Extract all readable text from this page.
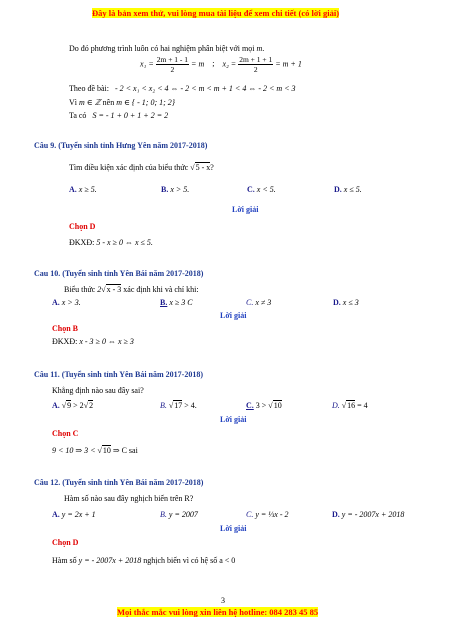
Đây là bản xem thử, vui lòng mua tài liệu để xem chi tiết (có lời giải)
Do đó phương trình luôn có hai nghiệm phân biệt với mọi m.
$x_1 = \frac{2m + 1 - 1}{2} = m$ ; $x_2 = \frac{2m + 1 + 1}{2} = m + 1$
Theo đề bài: - 2 < x₁ < x₂ < 4 ⇔ - 2 < m < m + 1 < 4 ⇔ - 2 < m < 3
Vì m ∈ ℤ nên m ∈ { - 1; 0; 1; 2}
Ta có S = - 1 + 0 + 1 + 2 = 2
Câu 9. (Tuyển sinh tỉnh Hưng Yên năm 2017-2018)
Tìm điều kiện xác định của biểu thức √5 - x?
A. x ≥ 5.	B. x > 5.	C. x < 5.	D. x ≤ 5.
Lời giải
Chọn D
ĐKXĐ: 5 - x ≥ 0 ⇔ x ≤ 5.
Cau 10. (Tuyển sinh tỉnh Yên Bái năm 2017-2018)
Biểu thức 2√x - 3 xác định khi và chỉ khi:
A. x > 3.	B. x ≥ 3 C	C. x ≠ 3	D. x ≤ 3
Lời giải
Chọn B
ĐKXĐ: x - 3 ≥ 0 ⇔ x ≥ 3
Câu 11. (Tuyển sinh tỉnh Yên Bái năm 2017-2018)
Khẳng định nào sau đây sai?
A. √9 > 2√2	B. √17 > 4.	C. 3 > √10	D. √16 = 4
Lời giải
Chọn C
9 < 10 ⇒ 3 < √10 ⇒ C sai
Câu 12. (Tuyển sinh tỉnh Yên Bái năm 2017-2018)
Hàm số nào sau đây nghịch biến trên R?
A. y = 2x + 1	B. y = 2007	C. y = ⅓x - 2	D. y = - 2007x + 2018
Lời giải
Chọn D
Hàm số y = - 2007x + 2018 nghịch biến vì có hệ số a < 0
3
Mọi thắc mắc vui lòng xin liên hệ hotline: 084 283 45 85
